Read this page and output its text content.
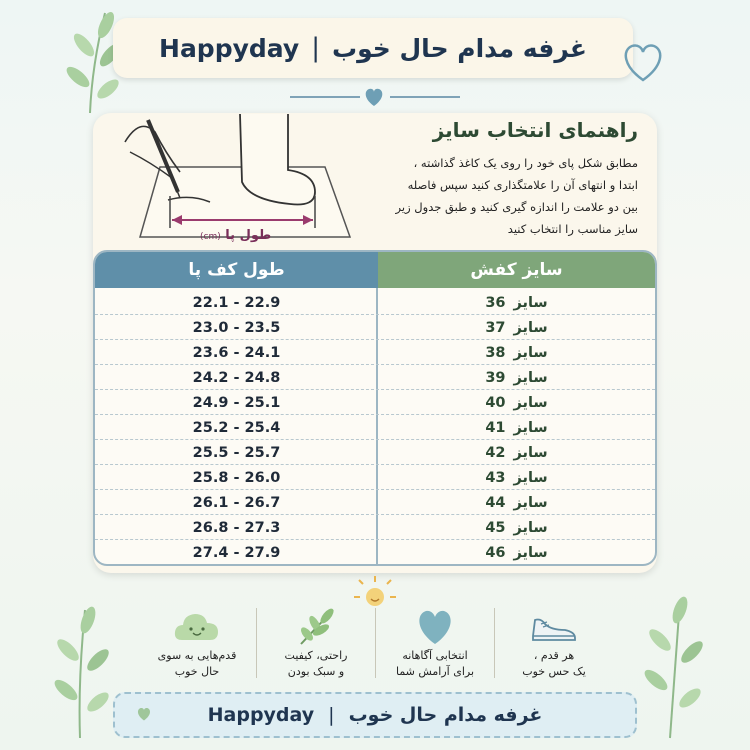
Happyday | غرفه مدام حال خوب
(cm) طول پا
راهنمای انتخاب سایز
مطابق شکل پای خود را روی یک کاغذ گذاشته ،
ابتدا و انتهای آن را علامتگذاری کنید سپس فاصله
بین دو علامت را اندازه گیری کنید و طبق جدول زیر
سایز مناسب را انتخاب کنید
طول کف پا	سایز کفش
سایز
36
22.1 - 22.9
سایز
37
23.0 - 23.5
سایز
38
23.6 - 24.1
سایز
39
24.2 - 24.8
سایز
40
24.9 - 25.1
سایز
41
25.2 - 25.4
سایز
42
25.5 - 25.7
سایز
43
25.8 - 26.0
سایز
44
26.1 - 26.7
سایز
45
26.8 - 27.3
سایز
46
27.4 - 27.9
قدم‌هایی به سوی
حال خوب
راحتی، کیفیت
و سبک بودن
انتخابی آگاهانه
برای آرامش شما
هر قدم ،
یک حس خوب
Happyday | غرفه مدام حال خوب
